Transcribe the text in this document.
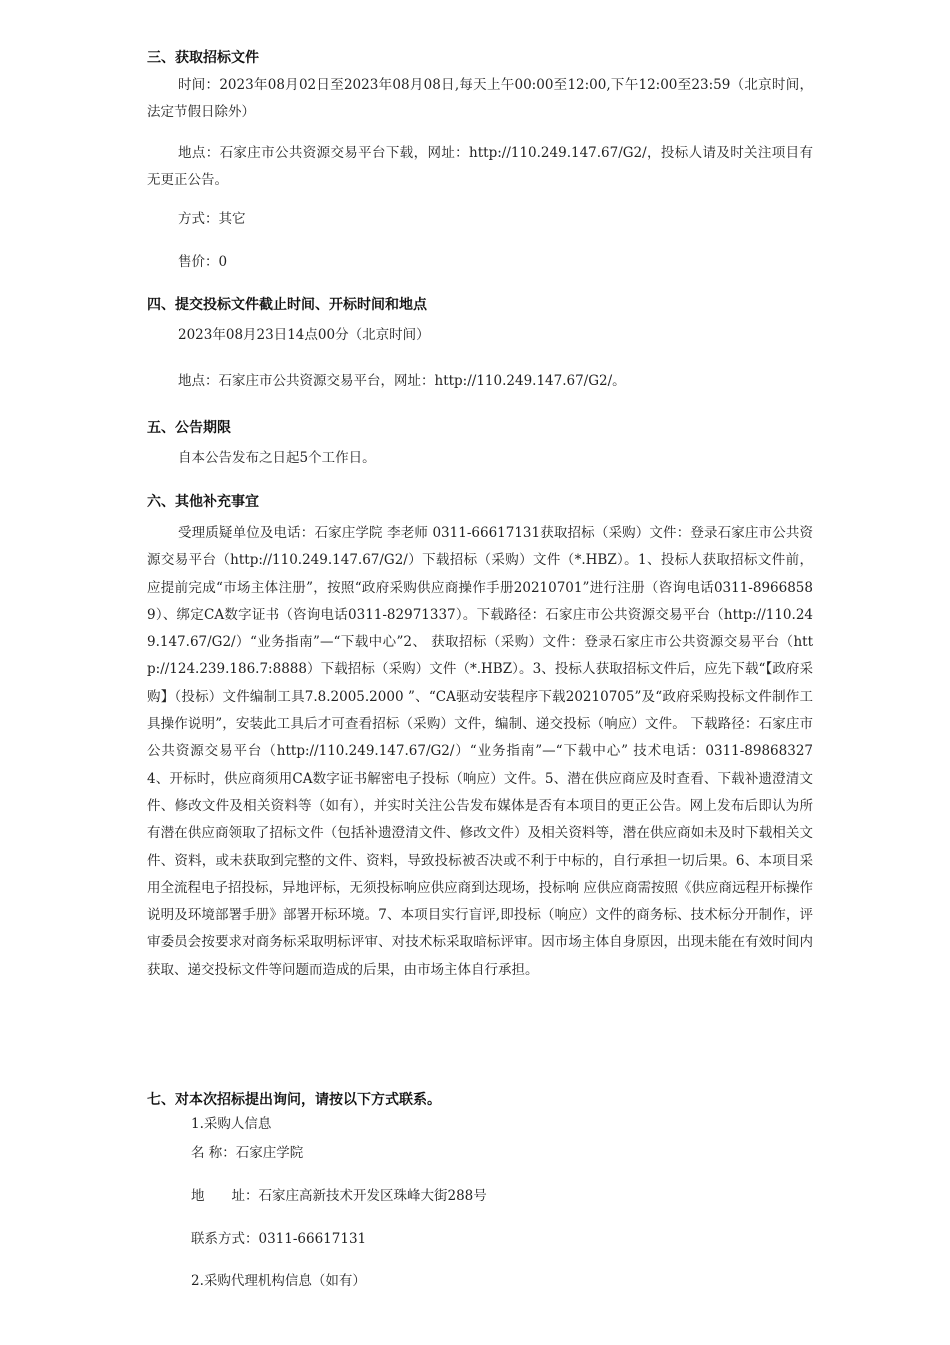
三、获取招标文件
时间：2023年08月02日至2023年08月08日,每天上午00:00至12:00,下午12:00至23:59（北京时间，法定节假日除外）
地点：石家庄市公共资源交易平台下载，网址：http://110.249.147.67/G2/，投标人请及时关注项目有无更正公告。
方式：其它
售价：0
四、提交投标文件截止时间、开标时间和地点
2023年08月23日14点00分（北京时间）
地点：石家庄市公共资源交易平台，网址：http://110.249.147.67/G2/。
五、公告期限
自本公告发布之日起5个工作日。
六、其他补充事宜
受理质疑单位及电话：石家庄学院 李老师 0311-66617131获取招标（采购）文件：登录石家庄市公共资源交易平台（http://110.249.147.67/G2/）下载招标（采购）文件（*.HBZ）。1、投标人获取招标文件前，应提前完成“市场主体注册”，按照“政府采购供应商操作手册20210701”进行注册（咨询电话0311-89668589）、绑定CA数字证书（咨询电话0311-82971337）。下载路径：石家庄市公共资源交易平台（http://110.249.147.67/G2/）“业务指南”—“下载中心”2、 获取招标（采购）文件：登录石家庄市公共资源交易平台（http://124.239.186.7:8888）下载招标（采购）文件（*.HBZ）。3、投标人获取招标文件后，应先下载“【政府采购】（投标）文件编制工具7.8.2005.2000 ”、“CA驱动安装程序下载20210705”及“政府采购投标文件制作工具操作说明”，安装此工具后才可查看招标（采购）文件，编制、递交投标（响应）文件。 下载路径：石家庄市公共资源交易平台（http://110.249.147.67/G2/）“业务指南”—“下载中心” 技术电话：0311-89868327 4、开标时，供应商须用CA数字证书解密电子投标（响应）文件。5、潜在供应商应及时查看、下载补遗澄清文件、修改文件及相关资料等（如有），并实时关注公告发布媒体是否有本项目的更正公告。网上发布后即认为所有潜在供应商领取了招标文件（包括补遗澄清文件、修改文件）及相关资料等，潜在供应商如未及时下载相关文件、资料，或未获取到完整的文件、资料，导致投标被否决或不利于中标的，自行承担一切后果。6、本项目采用全流程电子招投标，异地评标，无须投标响应供应商到达现场，投标响 应供应商需按照《供应商远程开标操作说明及环境部署手册》部署开标环境。7、本项目实行盲评,即投标（响应）文件的商务标、技术标分开制作，评审委员会按要求对商务标采取明标评审、对技术标采取暗标评审。因市场主体自身原因，出现未能在有效时间内获取、递交投标文件等问题而造成的后果，由市场主体自行承担。
七、对本次招标提出询问，请按以下方式联系。
1.采购人信息
名 称：石家庄学院
地　　址：石家庄高新技术开发区珠峰大街288号
联系方式：0311-66617131
2.采购代理机构信息（如有）
